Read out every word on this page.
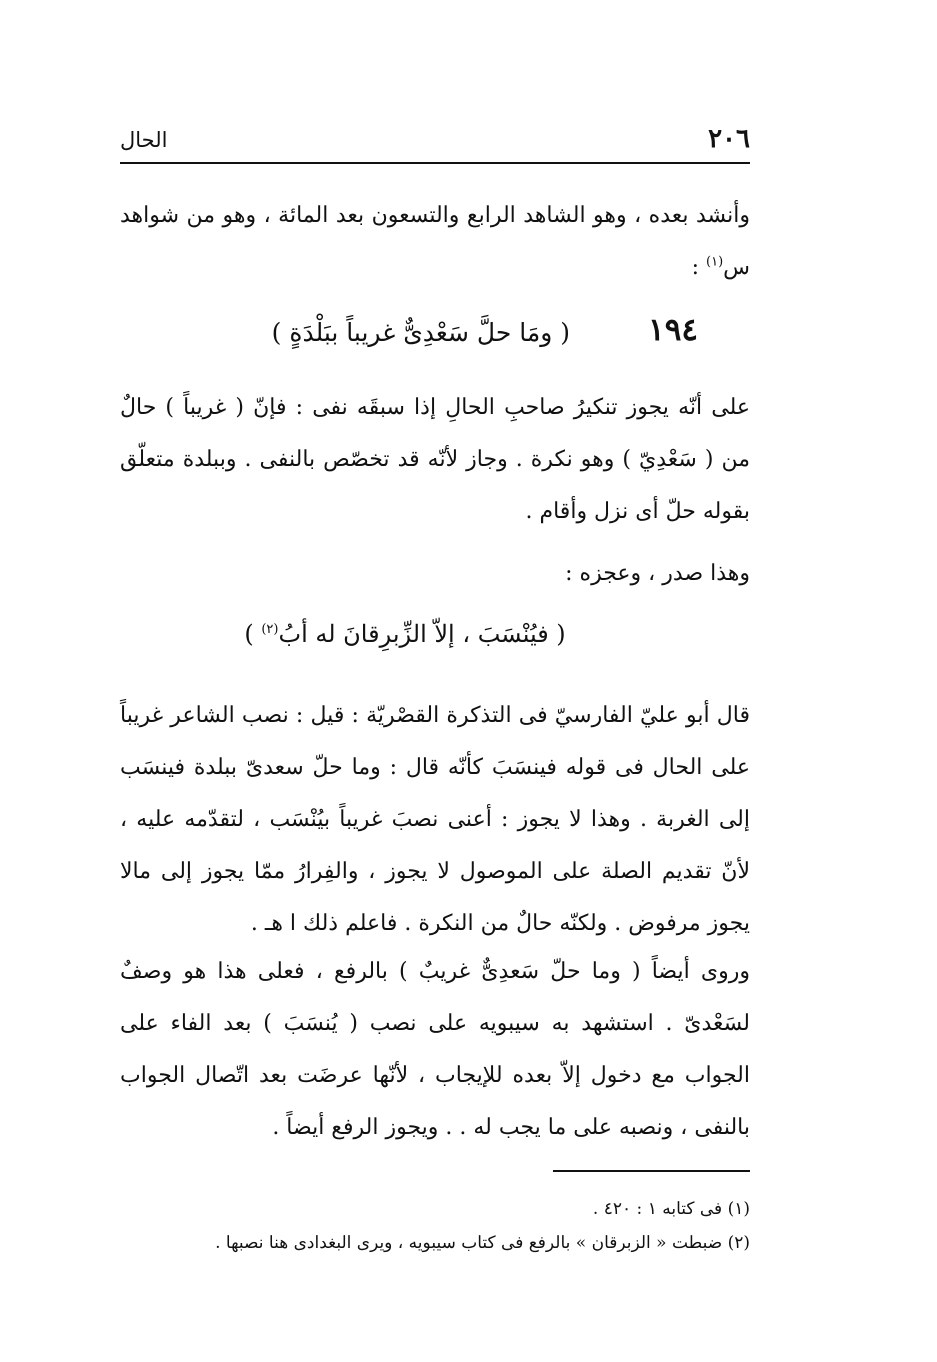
٢٠٦
الحال
وأنشد بعده ، وهو الشاهد الرابع والتسعون بعد المائة ، وهو من شواهد س$^{(١)}$ :
١٩٤
( ومَا حلَّ سَعْدِىٌّ غريباً ببَلْدَةٍ )
على أنّه يجوز تنكيرُ صاحبِ الحالِ إذا سبقَه نفى : فإنّ ( غريباً ) حالٌ من ( سَعْدِيّ ) وهو نكرة . وجاز لأنّه قد تخصّص بالنفى . وببلدة متعلّق بقوله حلّ أى نزل وأقام .
وهذا صدر ، وعجزه :
( فيُنْسَبَ ، إلاّ الزِّبرِقانَ له أبُ$^{(٢)}$ )
قال أبو عليّ الفارسيّ فى التذكرة القصْريّة : قيل : نصب الشاعر غريباً على الحال فى قوله فينسَبَ كأنّه قال : وما حلّ سعدىّ ببلدة فينسَب إلى الغربة . وهذا لا يجوز : أعنى نصبَ غريباً بيُنْسَب ، لتقدّمه عليه ، لأنّ تقديم الصلة على الموصول لا يجوز ، والفِرارُ ممّا يجوز إلى مالا يجوز مرفوض . ولكنّه حالٌ من النكرة . فاعلم ذلك ا هـ .
وروى أيضاً ( وما حلّ سَعدِىٌّ غريبٌ ) بالرفع ، فعلى هذا هو وصفٌ لسَعْدىّ . استشهد به سيبويه على نصب ( يُنسَبَ ) بعد الفاء على الجواب مع دخول إلاّ بعده للإيجاب ، لأنّها عرضَت بعد اتّصال الجواب بالنفى ، ونصبه على ما يجب له . . ويجوز الرفع أيضاً .

(١) فى كتابه ١ : ٤٢٠ .

(٢) ضبطت « الزبرقان » بالرفع فى كتاب سيبويه ، ويرى البغدادى هنا نصبها .
